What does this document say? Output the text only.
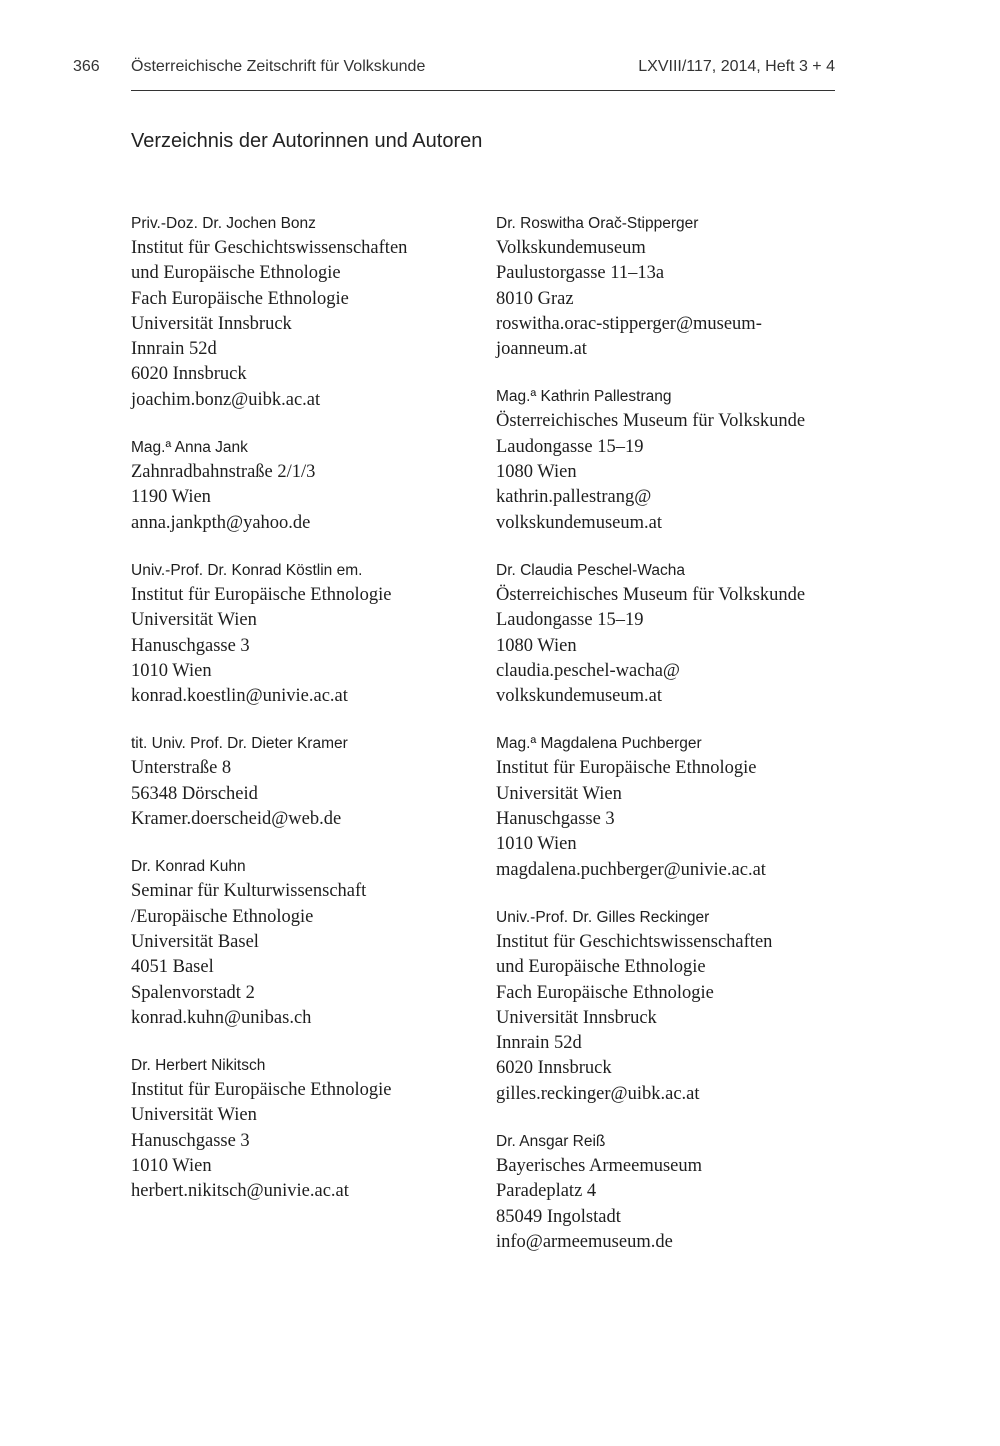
366 Österreichische Zeitschrift für Volkskunde	LXVIII/117, 2014, Heft 3 + 4
Verzeichnis der Autorinnen und Autoren
Priv.-Doz. Dr. Jochen Bonz
Institut für Geschichtswissenschaften
und Europäische Ethnologie
Fach Europäische Ethnologie
Universität Innsbruck
Innrain 52d
6020 Innsbruck
joachim.bonz@uibk.ac.at
Mag.ª Anna Jank
Zahnradbahnstraße 2/1/3
1190 Wien
anna.jankpth@yahoo.de
Univ.-Prof. Dr. Konrad Köstlin em.
Institut für Europäische Ethnologie
Universität Wien
Hanuschgasse 3
1010 Wien
konrad.koestlin@univie.ac.at
tit. Univ. Prof. Dr. Dieter Kramer
Unterstraße 8
56348 Dörscheid
Kramer.doerscheid@web.de
Dr. Konrad Kuhn
Seminar für Kulturwissenschaft
/Europäische Ethnologie
Universität Basel
4051 Basel
Spalenvorstadt 2
konrad.kuhn@unibas.ch
Dr. Herbert Nikitsch
Institut für Europäische Ethnologie
Universität Wien
Hanuschgasse 3
1010 Wien
herbert.nikitsch@univie.ac.at
Dr. Roswitha Orač-Stipperger
Volkskundemuseum
Paulustorgasse 11–13a
8010 Graz
roswitha.orac-stipperger@museum-
joanneum.at
Mag.ª Kathrin Pallestrang
Österreichisches Museum für Volkskunde
Laudongasse 15–19
1080 Wien
kathrin.pallestrang@
volkskundemuseum.at
Dr. Claudia Peschel-Wacha
Österreichisches Museum für Volkskunde
Laudongasse 15–19
1080 Wien
claudia.peschel-wacha@
volkskundemuseum.at
Mag.ª Magdalena Puchberger
Institut für Europäische Ethnologie
Universität Wien
Hanuschgasse 3
1010 Wien
magdalena.puchberger@univie.ac.at
Univ.-Prof. Dr. Gilles Reckinger
Institut für Geschichtswissenschaften
und Europäische Ethnologie
Fach Europäische Ethnologie
Universität Innsbruck
Innrain 52d
6020 Innsbruck
gilles.reckinger@uibk.ac.at
Dr. Ansgar Reiß
Bayerisches Armeemuseum
Paradeplatz 4
85049 Ingolstadt
info@armeemuseum.de
